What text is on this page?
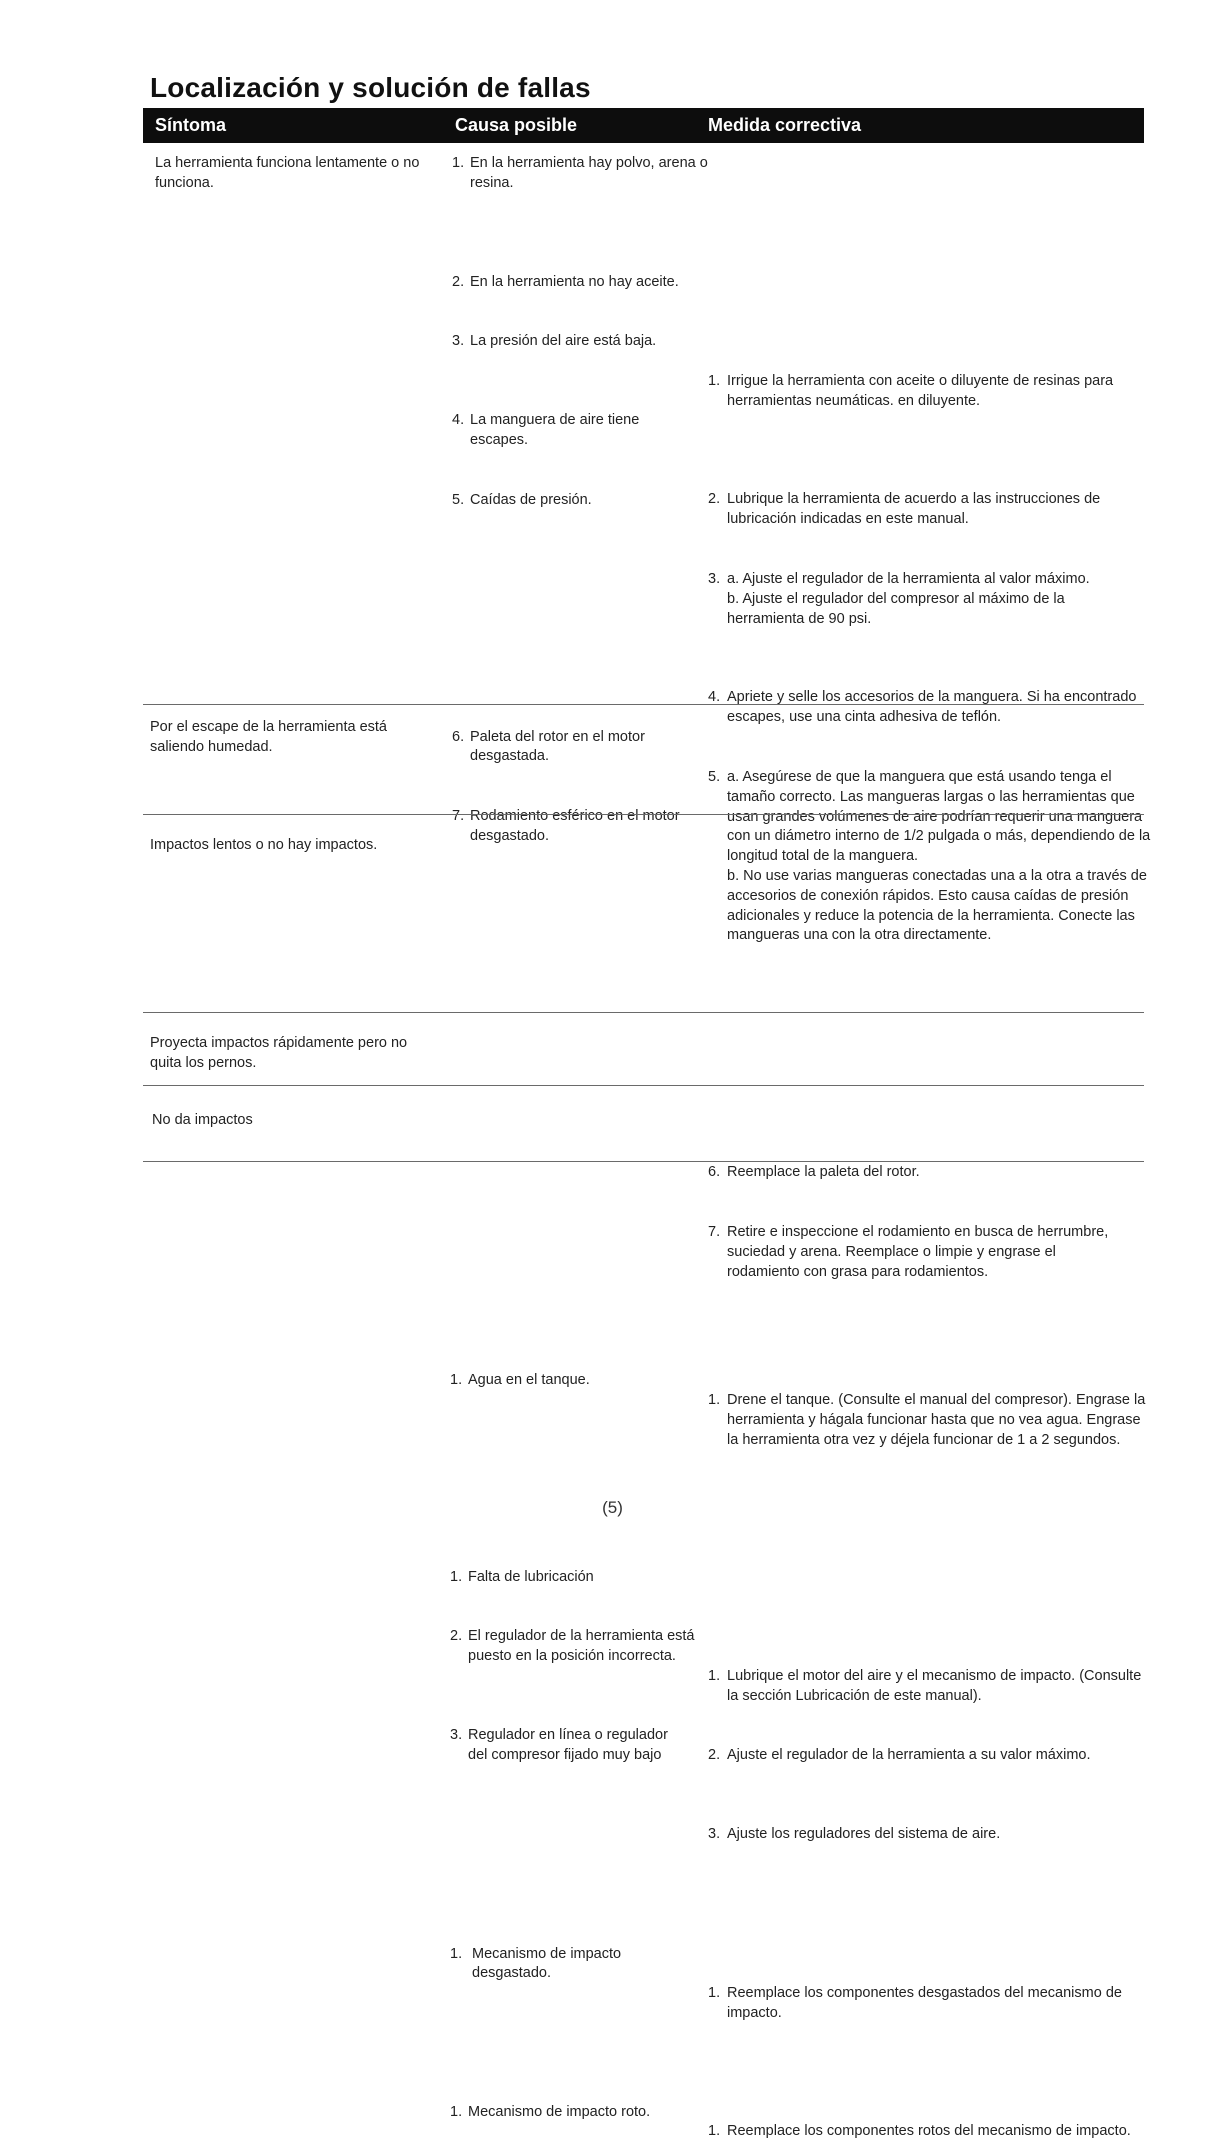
Localización y solución de fallas
Síntoma	Causa posible	Medida correctiva
La herramienta funciona lentamente o no funciona.
1. En la herramienta hay polvo, arena o resina.
2. En la herramienta no hay aceite.
3. La presión del aire está baja.
4. La manguera de aire tiene escapes.
5. Caídas de presión.
6. Paleta del rotor en el motor desgastada.
7. Rodamiento esférico en el motor desgastado.
1. Irrigue la herramienta con aceite o diluyente de resinas para herramientas neumáticas. en diluyente.
2. Lubrique la herramienta de acuerdo a las instrucciones de lubricación indicadas en este manual.
3. a. Ajuste el regulador de la herramienta al valor máximo.
b. Ajuste el regulador del compresor al máximo de la herramienta de 90 psi.
4. Apriete y selle los accesorios de la manguera. Si ha encontrado escapes, use una cinta adhesiva de teflón.
5. a. Asegúrese de que la manguera que está usando tenga el tamaño correcto. Las mangueras largas o las herramientas que usan grandes volúmenes de aire podrían requerir una manguera con un diámetro interno de 1/2 pulgada o más, dependiendo de la longitud total de la manguera.
b. No use varias mangueras conectadas una a la otra a través de accesorios de conexión rápidos. Esto causa caídas de presión adicionales y reduce la potencia de la herramienta. Conecte las mangueras una con la otra directamente.
6. Reemplace la paleta del rotor.
7. Retire e inspeccione el rodamiento en busca de herrumbre, suciedad y arena. Reemplace o limpie y engrase el rodamiento con grasa para rodamientos.
Por el escape de la herramienta está saliendo humedad.
1. Agua en el tanque.
1. Drene el tanque. (Consulte el manual del compresor). Engrase la herramienta y hágala funcionar hasta que no vea agua. Engrase la herramienta otra vez y déjela funcionar de 1 a 2 segundos.
Impactos lentos o no hay impactos.
1. Falta de lubricación
2. El regulador de la herramienta está puesto en la posición incorrecta.
3. Regulador en línea o regulador del compresor fijado muy bajo
1. Lubrique el motor del aire y el mecanismo de impacto. (Consulte la sección Lubricación de este manual).
2. Ajuste el regulador de la herramienta a su valor máximo.
3. Ajuste los reguladores del sistema de aire.
Proyecta impactos rápidamente pero no quita los pernos.
1. Mecanismo de impacto desgastado.
1. Reemplace los componentes desgastados del mecanismo de impacto.
No da impactos
1. Mecanismo de impacto roto.
1. Reemplace los componentes rotos del mecanismo de impacto.
(5)
